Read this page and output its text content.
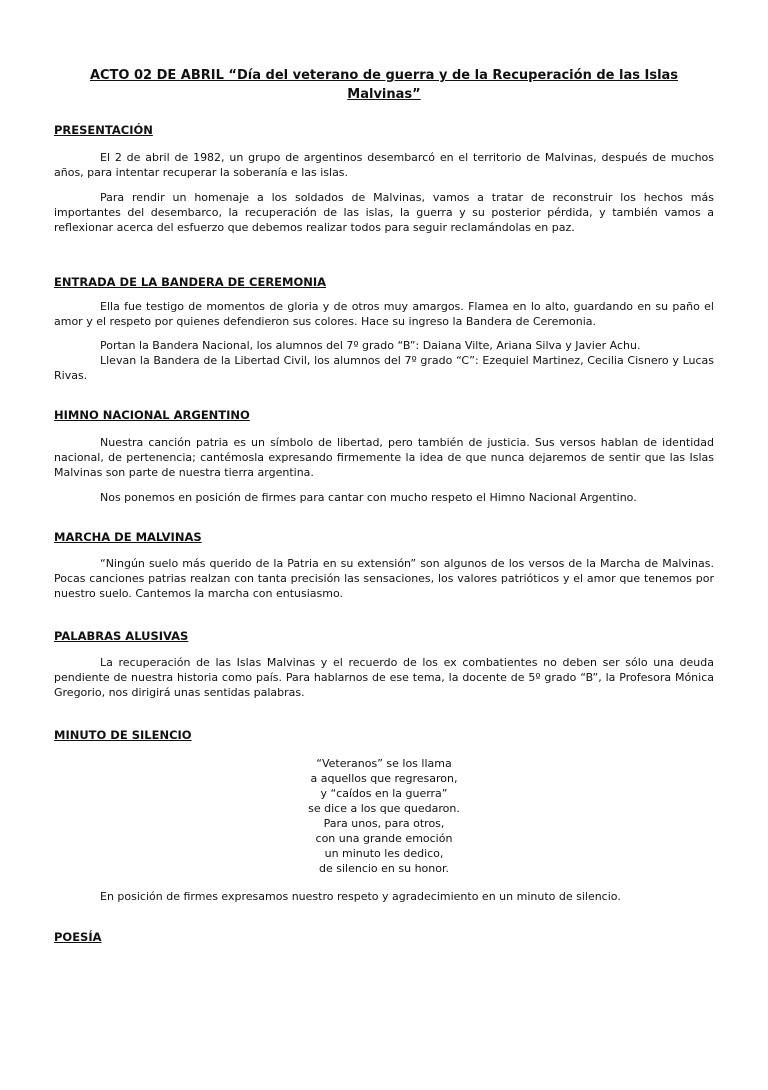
ACTO 02 DE ABRIL “Día del veterano de guerra y de la Recuperación de las Islas Malvinas”
PRESENTACIÓN

El 2 de abril de 1982, un grupo de argentinos desembarcó en el territorio de Malvinas, después de muchos años, para intentar recuperar la soberanía e las islas.

Para rendir un homenaje a los soldados de Malvinas, vamos a tratar de reconstruir los hechos más importantes del desembarco, la recuperación de las islas, la guerra y su posterior pérdida, y también vamos a reflexionar acerca del esfuerzo que debemos realizar todos para seguir reclamándolas en paz.

ENTRADA DE LA BANDERA DE CEREMONIA

Ella fue testigo de momentos de gloria y de otros muy amargos. Flamea en lo alto, guardando en su paño el amor y el respeto por quienes defendieron sus colores. Hace su ingreso la Bandera de Ceremonia.

Portan la Bandera Nacional, los alumnos del 7º grado “B”: Daiana Vilte, Ariana Silva y Javier Achu.

Llevan la Bandera de la Libertad Civil, los alumnos del 7º grado “C”: Ezequiel Martinez, Cecilia Cisnero y Lucas Rivas.

HIMNO NACIONAL ARGENTINO

Nuestra canción patria es un símbolo de libertad, pero también de justicia. Sus versos hablan de identidad nacional, de pertenencia; cantémosla expresando firmemente la idea de que nunca dejaremos de sentir que las Islas Malvinas son parte de nuestra tierra argentina.

Nos ponemos en posición de firmes para cantar con mucho respeto el Himno Nacional Argentino.

MARCHA DE MALVINAS

“Ningún suelo más querido de la Patria en su extensión” son algunos de los versos de la Marcha de Malvinas. Pocas canciones patrias realzan con tanta precisión las sensaciones, los valores patrióticos y el amor que tenemos por nuestro suelo. Cantemos la marcha con entusiasmo.

PALABRAS ALUSIVAS

La recuperación de las Islas Malvinas y el recuerdo de los ex combatientes no deben ser sólo una deuda pendiente de nuestra historia como país. Para hablarnos de ese tema, la docente de 5º grado “B”, la Profesora Mónica Gregorio, nos dirigirá unas sentidas palabras.

MINUTO DE SILENCIO
“Veteranos” se los llama
a aquellos que regresaron,
y “caídos en la guerra”
se dice a los que quedaron.
Para unos, para otros,
con una grande emoción
un minuto les dedico,
de silencio en su honor.

En posición de firmes expresamos nuestro respeto y agradecimiento en un minuto de silencio.

POESÍA
